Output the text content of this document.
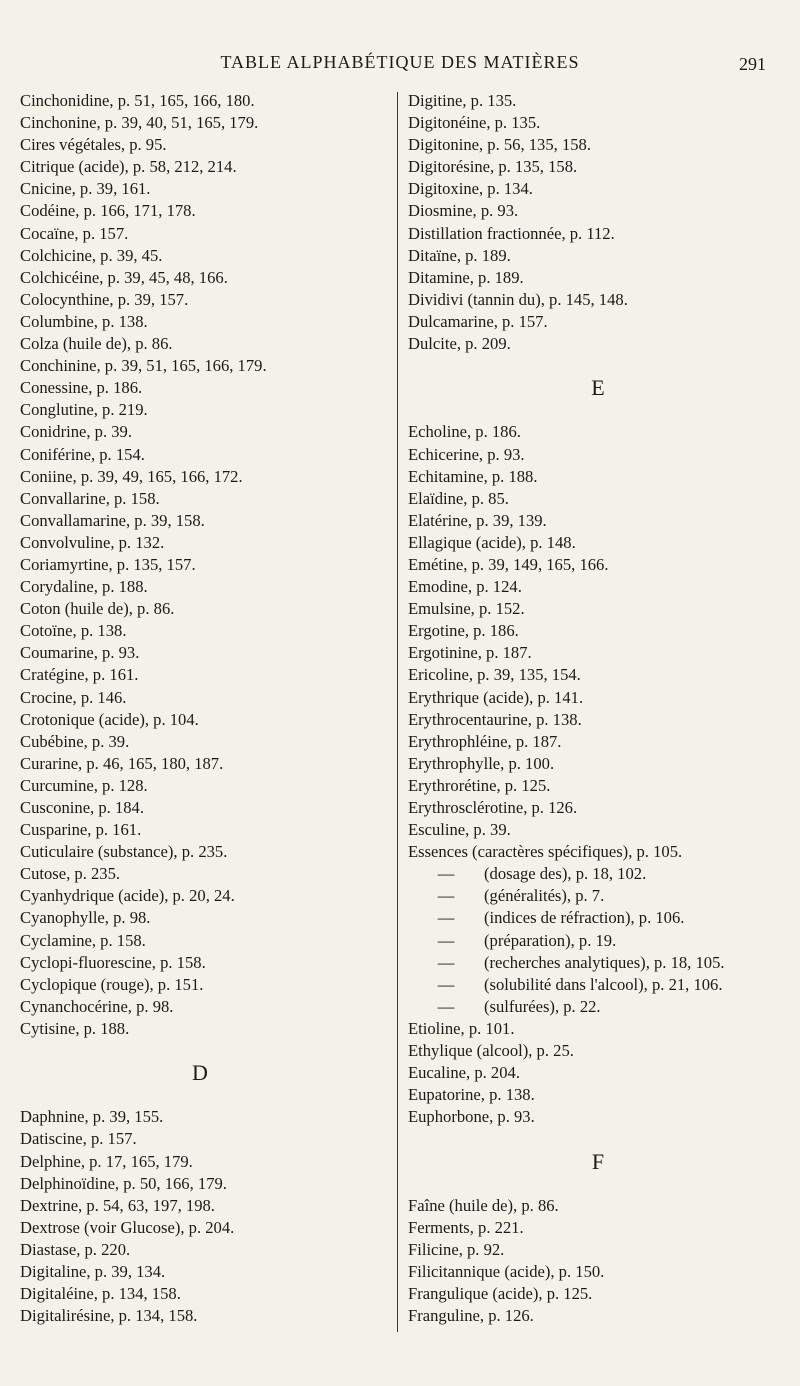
TABLE ALPHABÉTIQUE DES MATIÈRES	291
Cinchonidine, p. 51, 165, 166, 180.
Cinchonine, p. 39, 40, 51, 165, 179.
Cires végétales, p. 95.
Citrique (acide), p. 58, 212, 214.
Cnicine, p. 39, 161.
Codéine, p. 166, 171, 178.
Cocaïne, p. 157.
Colchicine, p. 39, 45.
Colchicéine, p. 39, 45, 48, 166.
Colocynthine, p. 39, 157.
Columbine, p. 138.
Colza (huile de), p. 86.
Conchinine, p. 39, 51, 165, 166, 179.
Conessine, p. 186.
Conglutine, p. 219.
Conidrine, p. 39.
Coniférine, p. 154.
Coniine, p. 39, 49, 165, 166, 172.
Convallarine, p. 158.
Convallamarine, p. 39, 158.
Convolvuline, p. 132.
Coriamyrtine, p. 135, 157.
Corydaline, p. 188.
Coton (huile de), p. 86.
Cotoïne, p. 138.
Coumarine, p. 93.
Cratégine, p. 161.
Crocine, p. 146.
Crotonique (acide), p. 104.
Cubébine, p. 39.
Curarine, p. 46, 165, 180, 187.
Curcumine, p. 128.
Cusconine, p. 184.
Cusparine, p. 161.
Cuticulaire (substance), p. 235.
Cutose, p. 235.
Cyanhydrique (acide), p. 20, 24.
Cyanophylle, p. 98.
Cyclamine, p. 158.
Cyclopi-fluorescine, p. 158.
Cyclopique (rouge), p. 151.
Cynanchocérine, p. 98.
Cytisine, p. 188.
D
Daphnine, p. 39, 155.
Datiscine, p. 157.
Delphine, p. 17, 165, 179.
Delphinoïdine, p. 50, 166, 179.
Dextrine, p. 54, 63, 197, 198.
Dextrose (voir Glucose), p. 204.
Diastase, p. 220.
Digitaline, p. 39, 134.
Digitaléine, p. 134, 158.
Digitalirésine, p. 134, 158.
Digitine, p. 135.
Digitonéine, p. 135.
Digitonine, p. 56, 135, 158.
Digitorésine, p. 135, 158.
Digitoxine, p. 134.
Diosmine, p. 93.
Distillation fractionnée, p. 112.
Ditaïne, p. 189.
Ditamine, p. 189.
Dividivi (tannin du), p. 145, 148.
Dulcamarine, p. 157.
Dulcite, p. 209.
E
Echoline, p. 186.
Echicerine, p. 93.
Echitamine, p. 188.
Elaïdine, p. 85.
Elatérine, p. 39, 139.
Ellagique (acide), p. 148.
Emétine, p. 39, 149, 165, 166.
Emodine, p. 124.
Emulsine, p. 152.
Ergotine, p. 186.
Ergotinine, p. 187.
Ericoline, p. 39, 135, 154.
Erythrique (acide), p. 141.
Erythrocentaurine, p. 138.
Erythrophléine, p. 187.
Erythrophylle, p. 100.
Erythrorétine, p. 125.
Erythrosclérotine, p. 126.
Esculine, p. 39.
Essences (caractères spécifiques), p. 105.
—	(dosage des), p. 18, 102.
—	(généralités), p. 7.
—	(indices de réfraction), p. 106.
—	(préparation), p. 19.
—	(recherches analytiques), p. 18, 105.
—	(solubilité dans l'alcool), p. 21, 106.
—	(sulfurées), p. 22.
Etioline, p. 101.
Ethylique (alcool), p. 25.
Eucaline, p. 204.
Eupatorine, p. 138.
Euphorbone, p. 93.
F
Faîne (huile de), p. 86.
Ferments, p. 221.
Filicine, p. 92.
Filicitannique (acide), p. 150.
Frangulique (acide), p. 125.
Franguline, p. 126.
